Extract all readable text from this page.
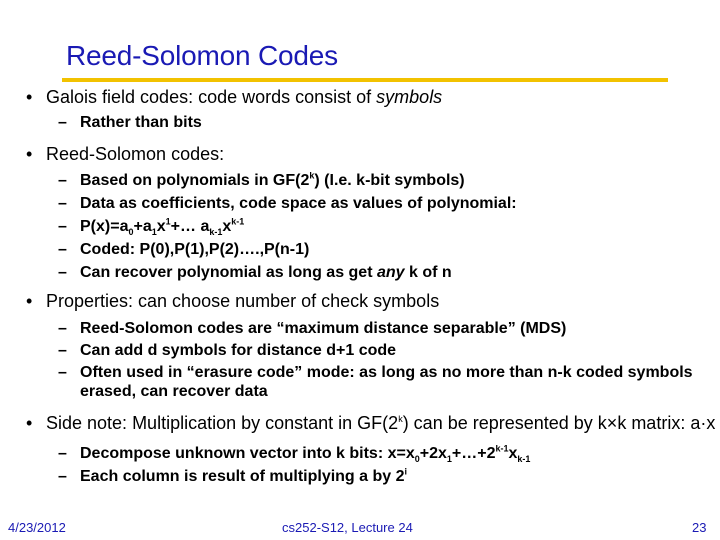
Reed-Solomon Codes
• Galois field codes: code words consist of symbols
– Rather than bits
• Reed-Solomon codes:
– Based on polynomials in GF(2$^k$) (I.e. k-bit symbols)
– Data as coefficients, code space as values of polynomial:
– $P(x)=a_0+a_1x^1+\dots$ $a_{k-1}x^{k-1}$
– Coded: P(0),P(1),P(2)….,P(n-1)
– Can recover polynomial as long as get any k of n
• Properties: can choose number of check symbols
– Reed-Solomon codes are “maximum distance separable” (MDS)
– Can add d symbols for distance d+1 code
– Often used in “erasure code” mode: as long as no more than n-k coded symbols erased, can recover data
• Side note: Multiplication by constant in GF(2$^k$) can be represented by k×k matrix: a·x
– Decompose unknown vector into k bits: $x=x_0+2x_1+\dots+2^{k-1}x_{k-1}$
– Each column is result of multiplying a by 2$^i$
4/23/2012	cs252-S12, Lecture 24	23
